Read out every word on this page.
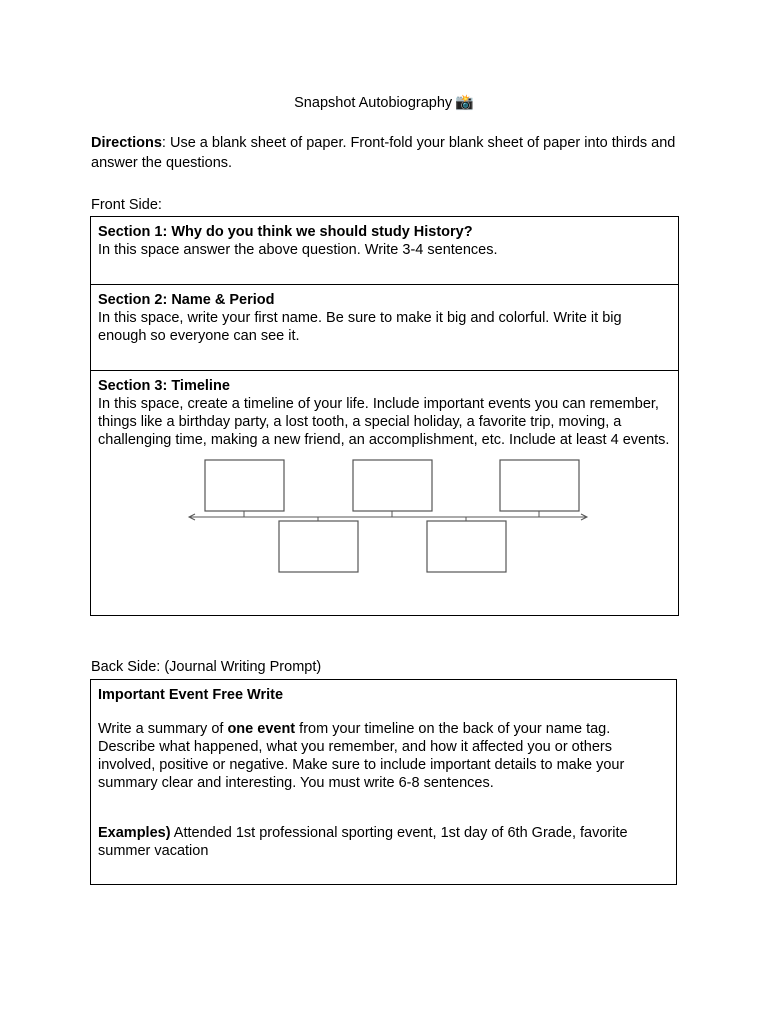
Snapshot Autobiography 📸
Directions: Use a blank sheet of paper. Front-fold your blank sheet of paper into thirds and answer the questions.
Front Side:
Section 1: Why do you think we should study History?
In this space answer the above question. Write 3-4 sentences.
Section 2: Name & Period
In this space, write your first name. Be sure to make it big and colorful. Write it big enough so everyone can see it.
Section 3: Timeline
In this space, create a timeline of your life. Include important events you can remember, things like a birthday party, a lost tooth, a special holiday, a favorite trip, moving, a challenging time, making a new friend, an accomplishment, etc. Include at least 4 events.
Back Side: (Journal Writing Prompt)

Important Event Free Write

Write a summary of one event from your timeline on the back of your name tag. Describe what happened, what you remember, and how it affected you or others involved, positive or negative. Make sure to include important details to make your summary clear and interesting. You must write 6-8 sentences.

Examples) Attended 1st professional sporting event, 1st day of 6th Grade, favorite summer vacation
